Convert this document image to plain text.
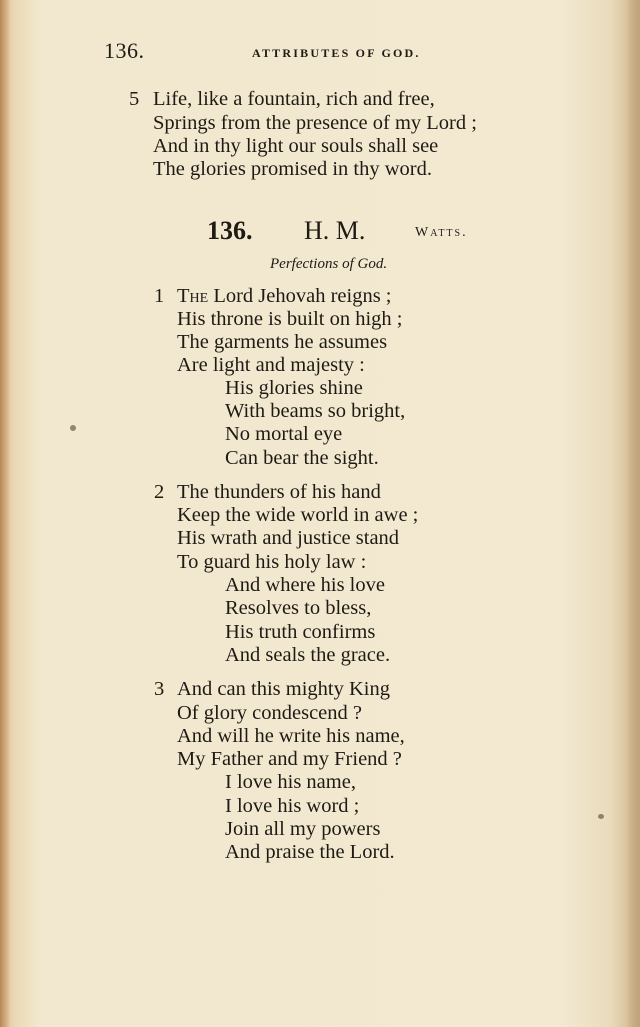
136.	ATTRIBUTES OF GOD.
5 Life, like a fountain, rich and free,
Springs from the presence of my Lord ;
And in thy light our souls shall see
The glories promised in thy word.
136. H. M.	Watts.
Perfections of God.
1 The Lord Jehovah reigns ;
His throne is built on high ;
The garments he assumes
Are light and majesty :
His glories shine
With beams so bright,
No mortal eye
Can bear the sight.
2 The thunders of his hand
Keep the wide world in awe ;
His wrath and justice stand
To guard his holy law :
And where his love
Resolves to bless,
His truth confirms
And seals the grace.
3 And can this mighty King
Of glory condescend ?
And will he write his name,
My Father and my Friend ?
I love his name,
I love his word ;
Join all my powers
And praise the Lord.
